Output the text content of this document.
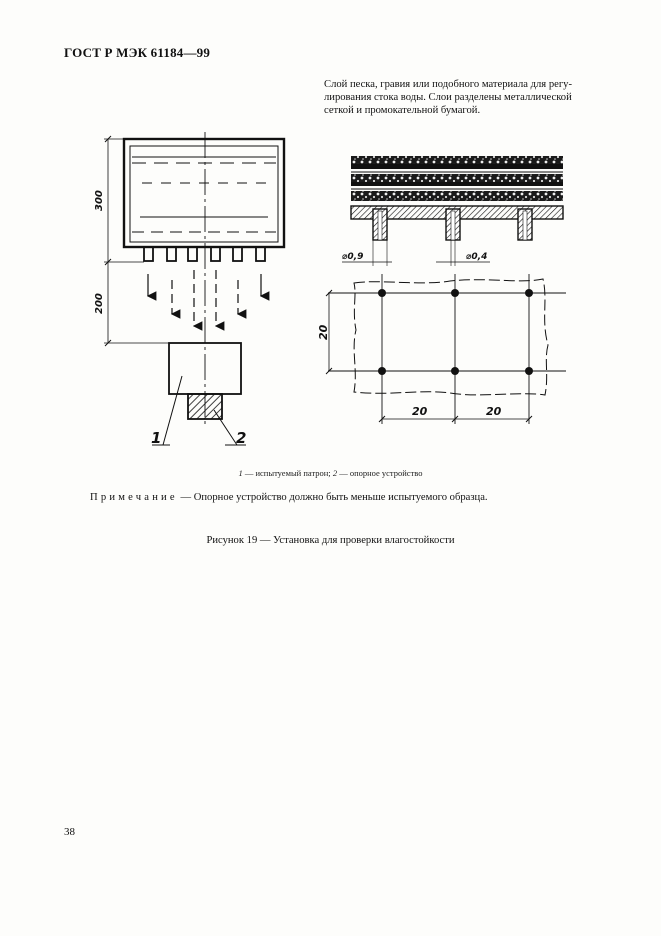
ГОСТ Р МЭК 61184—99
Слой песка, гравия или подобного материала для регу-
лирования стока воды. Слои разделены металлической
сеткой и промокательной бумагой.
300
200
1	2
⌀0,9	⌀0,4
20
20	20
1 — испытуемый патрон; 2 — опорное устройство
Примечание — Опорное устройство должно быть меньше испытуемого образца.
Рисунок 19 — Установка для проверки влагостойкости
38
